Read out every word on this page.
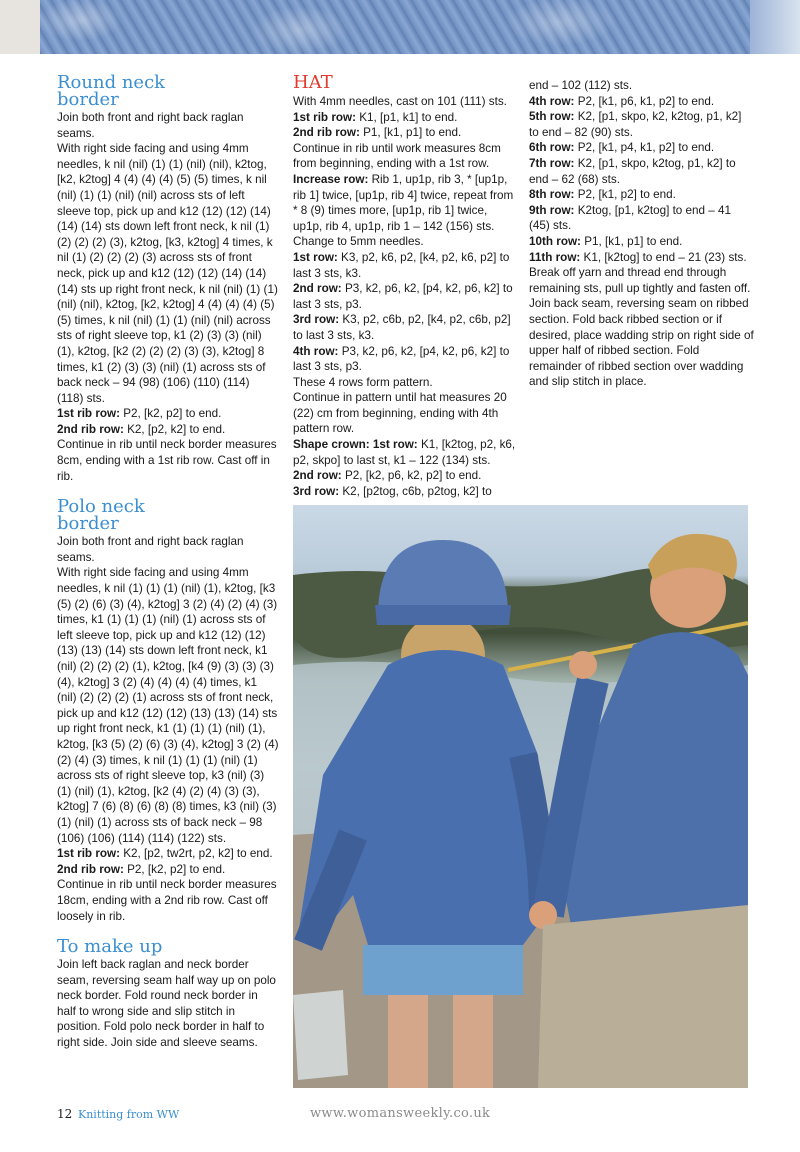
Round neck
border

Join both front and right back raglan seams.

With right side facing and using 4mm needles, k nil (nil) (1) (1) (nil) (nil), k2tog, [k2, k2tog] 4 (4) (4) (4) (5) (5) times, k nil (nil) (1) (1) (nil) (nil) across sts of left sleeve top, pick up and k12 (12) (12) (14) (14) (14) sts down left front neck, k nil (1) (2) (2) (2) (3), k2tog, [k3, k2tog] 4 times, k nil (1) (2) (2) (2) (3) across sts of front neck, pick up and k12 (12) (12) (14) (14) (14) sts up right front neck, k nil (nil) (1) (1) (nil) (nil), k2tog, [k2, k2tog] 4 (4) (4) (4) (5) (5) times, k nil (nil) (1) (1) (nil) (nil) across sts of right sleeve top, k1 (2) (3) (3) (nil) (1), k2tog, [k2 (2) (2) (2) (3) (3), k2tog] 8 times, k1 (2) (3) (3) (nil) (1) across sts of back neck – 94 (98) (106) (110) (114) (118) sts.

1st rib row: P2, [k2, p2] to end.

2nd rib row: K2, [p2, k2] to end.

Continue in rib until neck border measures 8cm, ending with a 1st rib row. Cast off in rib.

Polo neck
border

Join both front and right back raglan seams.

With right side facing and using 4mm needles, k nil (1) (1) (1) (nil) (1), k2tog, [k3 (5) (2) (6) (3) (4), k2tog] 3 (2) (4) (2) (4) (3) times, k1 (1) (1) (1) (nil) (1) across sts of left sleeve top, pick up and k12 (12) (12) (13) (13) (14) sts down left front neck, k1 (nil) (2) (2) (2) (1), k2tog, [k4 (9) (3) (3) (3) (4), k2tog] 3 (2) (4) (4) (4) (4) times, k1 (nil) (2) (2) (2) (1) across sts of front neck, pick up and k12 (12) (12) (13) (13) (14) sts up right front neck, k1 (1) (1) (1) (nil) (1), k2tog, [k3 (5) (2) (6) (3) (4), k2tog] 3 (2) (4) (2) (4) (3) times, k nil (1) (1) (1) (nil) (1) across sts of right sleeve top, k3 (nil) (3) (1) (nil) (1), k2tog, [k2 (4) (2) (4) (3) (3), k2tog] 7 (6) (8) (6) (8) (8) times, k3 (nil) (3) (1) (nil) (1) across sts of back neck – 98 (106) (106) (114) (114) (122) sts.

1st rib row: K2, [p2, tw2rt, p2, k2] to end.

2nd rib row: P2, [k2, p2] to end.

Continue in rib until neck border measures 18cm, ending with a 2nd rib row. Cast off loosely in rib.

To make up

Join left back raglan and neck border seam, reversing seam half way up on polo neck border. Fold round neck border in half to wrong side and slip stitch in position. Fold polo neck border in half to right side. Join side and sleeve seams.

HAT

With 4mm needles, cast on 101 (111) sts.

1st rib row: K1, [p1, k1] to end.

2nd rib row: P1, [k1, p1] to end.

Continue in rib until work measures 8cm from beginning, ending with a 1st row.

Increase row: Rib 1, up1p, rib 3, * [up1p, rib 1] twice, [up1p, rib 4] twice, repeat from * 8 (9) times more, [up1p, rib 1] twice, up1p, rib 4, up1p, rib 1 – 142 (156) sts.

Change to 5mm needles.

1st row: K3, p2, k6, p2, [k4, p2, k6, p2] to last 3 sts, k3.

2nd row: P3, k2, p6, k2, [p4, k2, p6, k2] to last 3 sts, p3.

3rd row: K3, p2, c6b, p2, [k4, p2, c6b, p2] to last 3 sts, k3.

4th row: P3, k2, p6, k2, [p4, k2, p6, k2] to last 3 sts, p3.

These 4 rows form pattern.

Continue in pattern until hat measures 20 (22) cm from beginning, ending with 4th pattern row.

Shape crown: 1st row: K1, [k2tog, p2, k6, p2, skpo] to last st, k1 – 122 (134) sts.

2nd row: P2, [k2, p6, k2, p2] to end.

3rd row: K2, [p2tog, c6b, p2tog, k2] to

end – 102 (112) sts.

4th row: P2, [k1, p6, k1, p2] to end.

5th row: K2, [p1, skpo, k2, k2tog, p1, k2] to end – 82 (90) sts.

6th row: P2, [k1, p4, k1, p2] to end.

7th row: K2, [p1, skpo, k2tog, p1, k2] to end – 62 (68) sts.

8th row: P2, [k1, p2] to end.

9th row: K2tog, [p1, k2tog] to end – 41 (45) sts.

10th row: P1, [k1, p1] to end.

11th row: K1, [k2tog] to end – 21 (23) sts.

Break off yarn and thread end through remaining sts, pull up tightly and fasten off.

Join back seam, reversing seam on ribbed section. Fold back ribbed section or if desired, place wadding strip on right side of upper half of ribbed section. Fold remainder of ribbed section over wadding and slip stitch in place.

12 Knitting from WW	www.womansweekly.co.uk
